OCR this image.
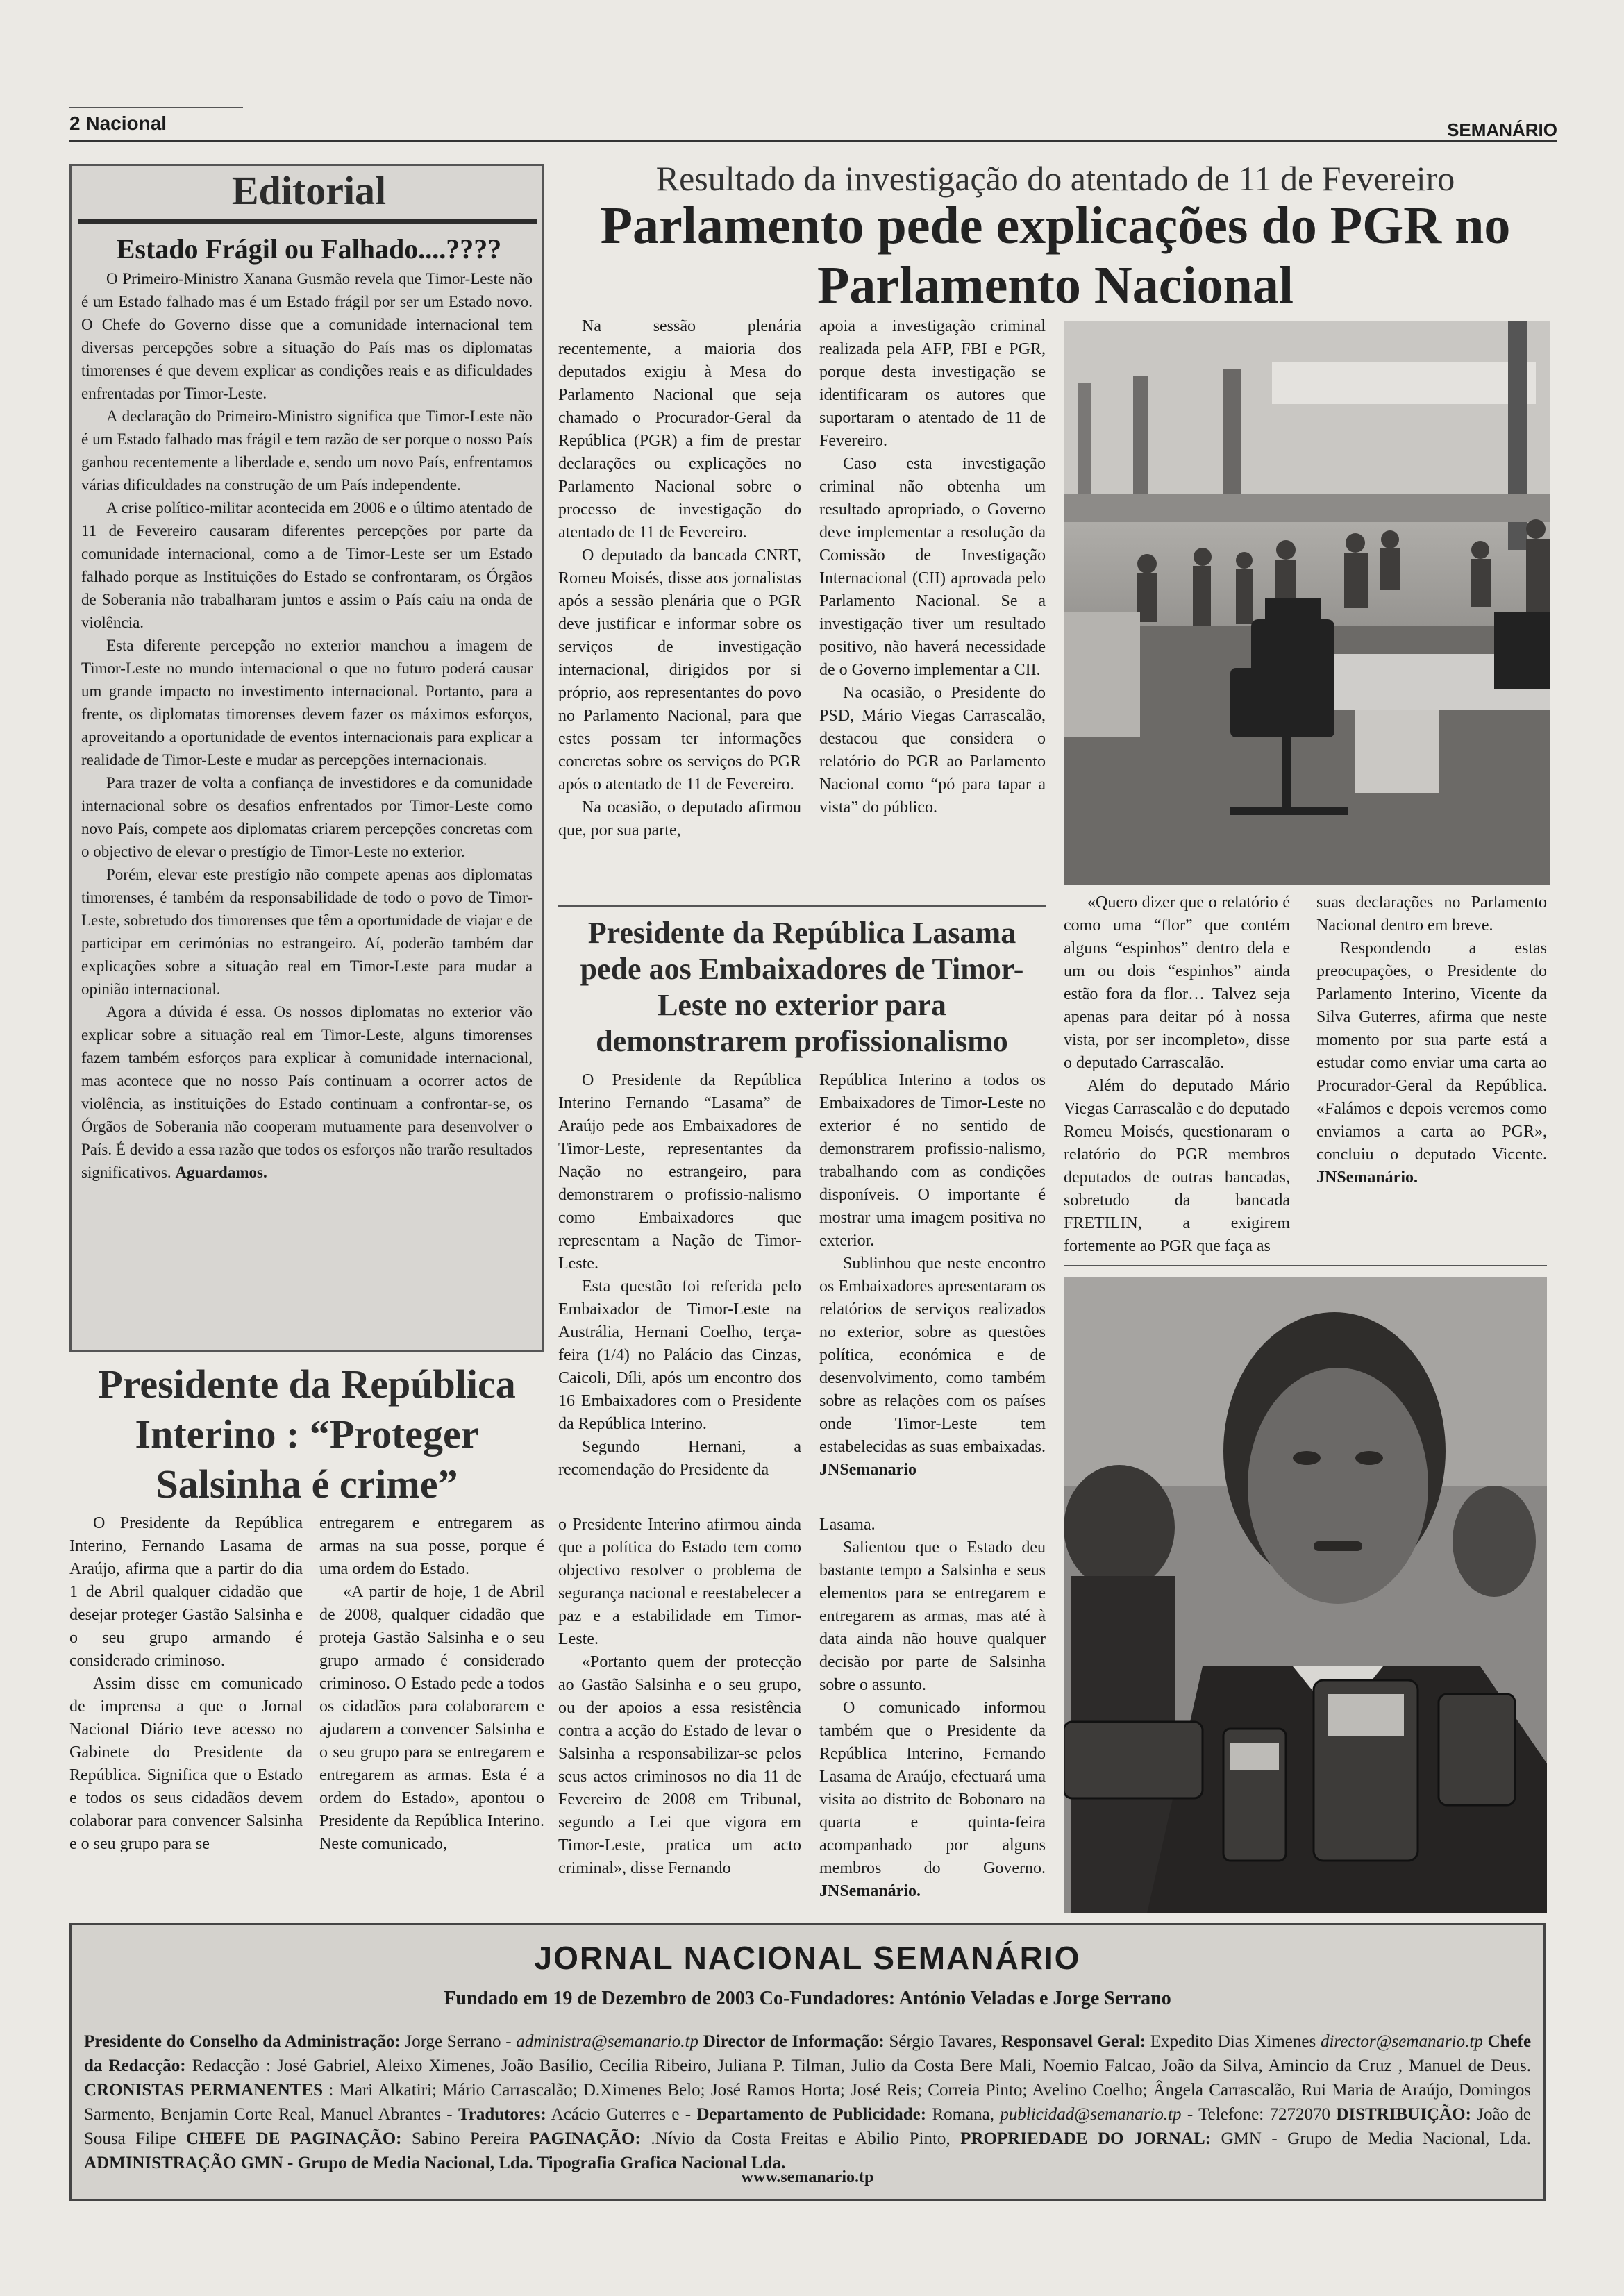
2 Nacional	SEMANÁRIO
Editorial
Estado Frágil ou Falhado....????

O Primeiro-Ministro Xanana Gusmão revela que Timor-Leste não é um Estado falhado mas é um Estado frágil por ser um Estado novo. O Chefe do Governo disse que a comunidade internacional tem diversas percepções sobre a situação do País mas os diplomatas timorenses é que devem explicar as condições reais e as dificuldades enfrentadas por Timor-Leste.

A declaração do Primeiro-Ministro significa que Timor-Leste não é um Estado falhado mas frágil e tem razão de ser porque o nosso País ganhou recentemente a liberdade e, sendo um novo País, enfrentamos várias dificuldades na construção de um País independente.

A crise político-militar acontecida em 2006 e o último atentado de 11 de Fevereiro causaram diferentes percepções por parte da comunidade internacional, como a de Timor-Leste ser um Estado falhado porque as Instituições do Estado se confrontaram, os Órgãos de Soberania não trabalharam juntos e assim o País caiu na onda de violência.

Esta diferente percepção no exterior manchou a imagem de Timor-Leste no mundo internacional o que no futuro poderá causar um grande impacto no investimento internacional. Portanto, para a frente, os diplomatas timorenses devem fazer os máximos esforços, aproveitando a oportunidade de eventos internacionais para explicar a realidade de Timor-Leste e mudar as percepções internacionais.

Para trazer de volta a confiança de investidores e da comunidade internacional sobre os desafios enfrentados por Timor-Leste como novo País, compete aos diplomatas criarem percepções concretas com o objectivo de elevar o prestígio de Timor-Leste no exterior.

Porém, elevar este prestígio não compete apenas aos diplomatas timorenses, é também da responsabilidade de todo o povo de Timor-Leste, sobretudo dos timorenses que têm a oportunidade de viajar e de participar em cerimónias no estrangeiro. Aí, poderão também dar explicações sobre a situação real em Timor-Leste para mudar a opinião internacional.

Agora a dúvida é essa. Os nossos diplomatas no exterior vão explicar sobre a situação real em Timor-Leste, alguns timorenses fazem também esforços para explicar à comunidade internacional, mas acontece que no nosso País continuam a ocorrer actos de violência, as instituições do Estado continuam a confrontar-se, os Órgãos de Soberania não cooperam mutuamente para desenvolver o País. É devido a essa razão que todos os esforços não trarão resultados significativos. Aguardamos.

Resultado da investigação do atentado de 11 de Fevereiro
Parlamento pede explicações do PGR no Parlamento Nacional

Na sessão plenária recentemente, a maioria dos deputados exigiu à Mesa do Parlamento Nacional que seja chamado o Procurador-Geral da República (PGR) a fim de prestar declarações ou explicações no Parlamento Nacional sobre o processo de investigação do atentado de 11 de Fevereiro.

O deputado da bancada CNRT, Romeu Moisés, disse aos jornalistas após a sessão plenária que o PGR deve justificar e informar sobre os serviços de investigação internacional, dirigidos por si próprio, aos representantes do povo no Parlamento Nacional, para que estes possam ter informações concretas sobre os serviços do PGR após o atentado de 11 de Fevereiro.

Na ocasião, o deputado afirmou que, por sua parte,

apoia a investigação criminal realizada pela AFP, FBI e PGR, porque desta investigação se identificaram os autores que suportaram o atentado de 11 de Fevereiro.

Caso esta investigação criminal não obtenha um resultado apropriado, o Governo deve implementar a resolução da Comissão de Investigação Internacional (CII) aprovada pelo Parlamento Nacional. Se a investigação tiver um resultado positivo, não haverá necessidade de o Governo implementar a CII.

Na ocasião, o Presidente do PSD, Mário Viegas Carrascalão, destacou que considera o relatório do PGR ao Parlamento Nacional como “pó para tapar a vista” do público.

Presidente da República Lasama pede aos Embaixadores de Timor-Leste no exterior para demonstrarem profissionalismo

O Presidente da República Interino Fernando “Lasama” de Araújo pede aos Embaixadores de Timor-Leste, representantes da Nação no estrangeiro, para demonstrarem o profissio-nalismo como Embaixadores que representam a Nação de Timor-Leste.

Esta questão foi referida pelo Embaixador de Timor-Leste na Austrália, Hernani Coelho, terça-feira (1/4) no Palácio das Cinzas, Caicoli, Díli, após um encontro dos 16 Embaixadores com o Presidente da República Interino.

Segundo Hernani, a recomendação do Presidente da

República Interino a todos os Embaixadores de Timor-Leste no exterior é no sentido de demonstrarem profissio-nalismo, trabalhando com as condições disponíveis. O importante é mostrar uma imagem positiva no exterior.

Sublinhou que neste encontro os Embaixadores apresentaram os relatórios de serviços realizados no exterior, sobre as questões política, económica e de desenvolvimento, como também sobre as relações com os países onde Timor-Leste tem estabelecidas as suas embaixadas. JNSemanario

o Presidente Interino afirmou ainda que a política do Estado tem como objectivo resolver o problema de segurança nacional e reestabelecer a paz e a estabilidade em Timor-Leste.

«Portanto quem der protecção ao Gastão Salsinha e o seu grupo, ou der apoios a essa resistência contra a acção do Estado de levar o Salsinha a responsabilizar-se pelos seus actos criminosos no dia 11 de Fevereiro de 2008 em Tribunal, segundo a Lei que vigora em Timor-Leste, pratica um acto criminal», disse Fernando

Lasama.

Salientou que o Estado deu bastante tempo a Salsinha e seus elementos para se entregarem e entregarem as armas, mas até à data ainda não houve qualquer decisão por parte de Salsinha sobre o assunto.

O comunicado informou também que o Presidente da República Interino, Fernando Lasama de Araújo, efectuará uma visita ao distrito de Bobonaro na quarta e quinta-feira acompanhado por alguns membros do Governo. JNSemanário.

«Quero dizer que o relatório é como uma “flor” que contém alguns “espinhos” dentro dela e um ou dois “espinhos” ainda estão fora da flor… Talvez seja apenas para deitar pó à nossa vista, por ser incompleto», disse o deputado Carrascalão.

Além do deputado Mário Viegas Carrascalão e do deputado Romeu Moisés, questionaram o relatório do PGR membros deputados de outras bancadas, sobretudo da bancada FRETILIN, a exigirem fortemente ao PGR que faça as

suas declarações no Parlamento Nacional dentro em breve.

Respondendo a estas preocupações, o Presidente do Parlamento Interino, Vicente da Silva Guterres, afirma que neste momento por sua parte está a estudar como enviar uma carta ao Procurador-Geral da República. «Falámos e depois veremos como enviamos a carta ao PGR», concluiu o deputado Vicente. JNSemanário.

Presidente da República Interino : “Proteger Salsinha é crime”

O Presidente da República Interino, Fernando Lasama de Araújo, afirma que a partir do dia 1 de Abril qualquer cidadão que desejar proteger Gastão Salsinha e o seu grupo armando é considerado criminoso.

Assim disse em comunicado de imprensa a que o Jornal Nacional Diário teve acesso no Gabinete do Presidente da República. Significa que o Estado e todos os seus cidadãos devem colaborar para convencer Salsinha e o seu grupo para se

entregarem e entregarem as armas na sua posse, porque é uma ordem do Estado.

«A partir de hoje, 1 de Abril de 2008, qualquer cidadão que proteja Gastão Salsinha e o seu grupo armado é considerado criminoso. O Estado pede a todos os cidadãos para colaborarem e ajudarem a convencer Salsinha e o seu grupo para se entregarem e entregarem as armas. Esta é a ordem do Estado», apontou o Presidente da República Interino. Neste comunicado,

JORNAL NACIONAL SEMANÁRIO
Fundado em 19 de Dezembro de 2003 Co-Fundadores: António Veladas e Jorge Serrano
Presidente do Conselho da Administração: Jorge Serrano - administra@semanario.tp Director de Informação: Sérgio Tavares, Responsavel Geral: Expedito Dias Ximenes director@semanario.tp Chefe da Redacção: Redacção : José Gabriel, Aleixo Ximenes, João Basílio, Cecília Ribeiro, Juliana P. Tilman, Julio da Costa Bere Mali, Noemio Falcao, João da Silva, Amincio da Cruz , Manuel de Deus. CRONISTAS PERMANENTES : Mari Alkatiri; Mário Carrascalão; D.Ximenes Belo; José Ramos Horta; José Reis; Correia Pinto; Avelino Coelho; Ângela Carrascalão, Rui Maria de Araújo, Domingos Sarmento, Benjamin Corte Real, Manuel Abrantes - Tradutores: Acácio Guterres e - Departamento de Publicidade: Romana, publicidad@semanario.tp - Telefone: 7272070 DISTRIBUIÇÃO: João de Sousa Filipe CHEFE DE PAGINAÇÃO: Sabino Pereira PAGINAÇÃO: .Nívio da Costa Freitas e Abilio Pinto, PROPRIEDADE DO JORNAL: GMN - Grupo de Media Nacional, Lda. ADMINISTRAÇÃO GMN - Grupo de Media Nacional, Lda. Tipografia Grafica Nacional Lda.
www.semanario.tp
